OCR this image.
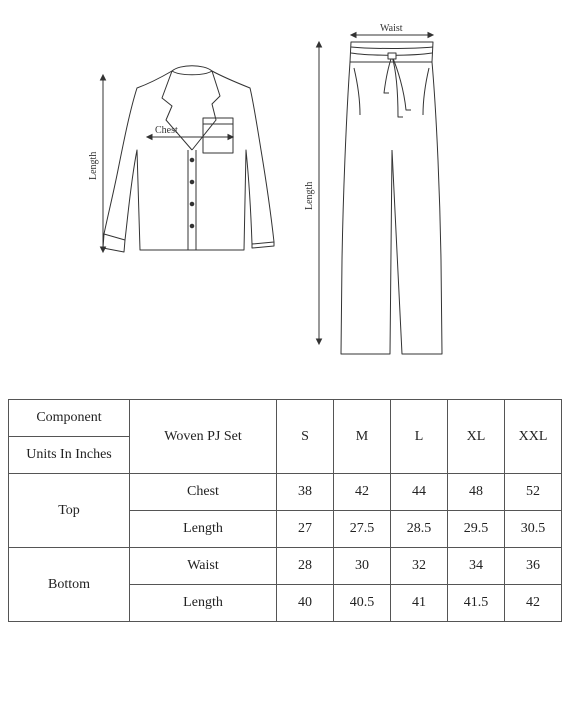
Chest
Length
Waist
Length
Component	Woven PJ Set	S	M	L	XL	XXL
Units In Inches						
Top	Chest	38	42	44	48	52
	Length	27	27.5	28.5	29.5	30.5
Bottom	Waist	28	30	32	34	36
	Length	40	40.5	41	41.5	42
